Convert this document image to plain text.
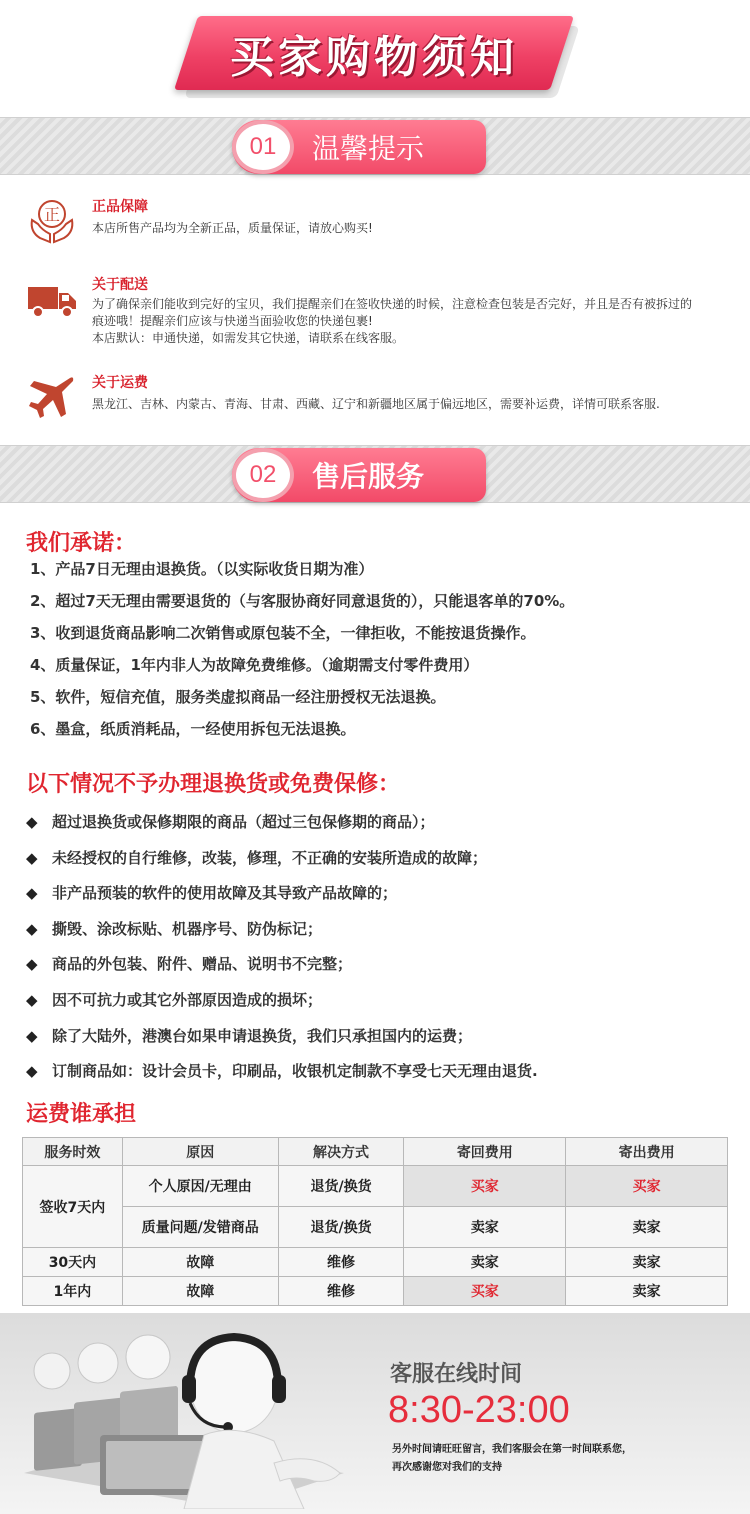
买家购物须知
01	温馨提示
正 正品保障
本店所售产品均为全新正品，质量保证，请放心购买!
关于配送
为了确保亲们能收到完好的宝贝，我们提醒亲们在签收快递的时候，注意检查包装是否完好，并且是否有被拆过的
痕迹哦！提醒亲们应该与快递当面验收您的快递包裹!
本店默认：申通快递，如需发其它快递，请联系在线客服。
关于运费
黑龙江、吉林、内蒙古、青海、甘肃、西藏、辽宁和新疆地区属于偏远地区，需要补运费，详情可联系客服.
02	售后服务
我们承诺：
1、产品7日无理由退换货。（以实际收货日期为准）
2、超过7天无理由需要退货的（与客服协商好同意退货的），只能退客单的70%。
3、收到退货商品影响二次销售或原包装不全，一律拒收，不能按退货操作。
4、质量保证，1年内非人为故障免费维修。（逾期需支付零件费用）
5、软件，短信充值，服务类虚拟商品一经注册授权无法退换。
6、墨盒，纸质消耗品，一经使用拆包无法退换。
以下情况不予办理退换货或免费保修：
◆ 超过退换货或保修期限的商品（超过三包保修期的商品）；
◆ 未经授权的自行维修，改装，修理，不正确的安装所造成的故障；
◆ 非产品预装的软件的使用故障及其导致产品故障的；
◆ 撕毁、涂改标贴、机器序号、防伪标记；
◆ 商品的外包装、附件、赠品、说明书不完整；
◆ 因不可抗力或其它外部原因造成的损坏；
◆ 除了大陆外，港澳台如果申请退换货，我们只承担国内的运费；
◆ 订制商品如：设计会员卡，印刷品，收银机定制款不享受七天无理由退货.
运费谁承担
服务时效	原因	解决方式	寄回费用	寄出费用
签收7天内	个人原因/无理由	退货/换货	买家	买家
	质量问题/发错商品	退货/换货	卖家	卖家
30天内	故障	维修	卖家	卖家
1年内	故障	维修	买家	卖家
客服在线时间
8:30-23:00
另外时间请旺旺留言，我们客服会在第一时间联系您，
再次感谢您对我们的支持
